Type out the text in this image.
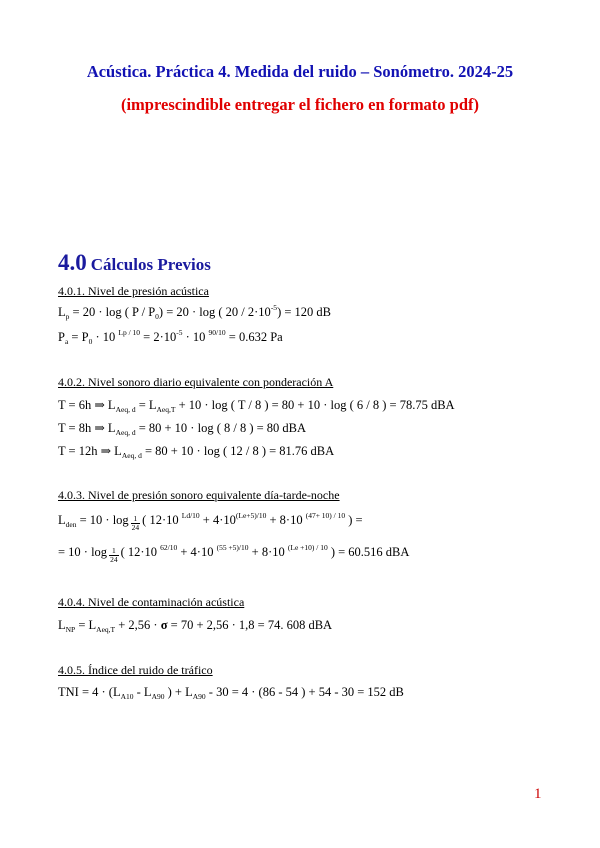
Acústica. Práctica 4. Medida del ruido – Sonómetro. 2024-25
(imprescindible entregar el fichero en formato pdf)
4.0 Cálculos Previos
4.0.1. Nivel de presión acústica
$L_p = 20 \cdot \log$ ( $P / P_0) = 20 \cdot \log$ ( $20 / 2\cdot 10^{-5}) = 120$ dB
$P_a = P_0 \cdot 10$ $^{Lp / 10} = 2\cdot 10^{-5} \cdot 10$ $^{90/10}$ = 0.632 Pa
4.0.2. Nivel sonoro diario equivalente con ponderación A
T = 6h ⇒ $L_{Aeq, d} = L_{Aeq,T} + 10 \cdot \log$ ( T / 8 ) = 80 + 10 · log ( 6 / 8 ) = 78.75 dBA
T = 8h ⇒ $L_{Aeq, d} = 80 + 10 \cdot \log$ ( 8 / 8 ) = 80 dBA
T = 12h ⇒ $L_{Aeq, d} = 80 + 10 \cdot \log$ ( 12 / 8 ) = 81.76 dBA
4.0.3. Nivel de presión sonoro equivalente día-tarde-noche
$L_{den} = 10 \cdot \log \frac{1}{24}$ ( 12·10 $^{Ld/10} + 4\cdot 10^{(Le+5)/10} + 8\cdot 10$ $^{(47+ 10) / 10}$ ) =
= $10 \cdot \log \frac{1}{24}$ ( 12·10 $^{62/10}$ + 4·10 $^{(55 +5)/10}$ + 8·10 $^{(Le +10) / 10}$ ) = 60.516 dBA
4.0.4. Nivel de contaminación acústica
$L_{NP} = L_{Aeq,T} + 2,56 \cdot \sigma = 70 + 2,56 \cdot 1,8 = 74$. 608 dBA
4.0.5. Índice del ruido de tráfico
TNI = $4 \cdot (L_{A10} - L_{A90}$ ) + $L_{A90} - 30 = 4 \cdot (86 - 54$ ) + 54 - 30 = 152 dB
1
